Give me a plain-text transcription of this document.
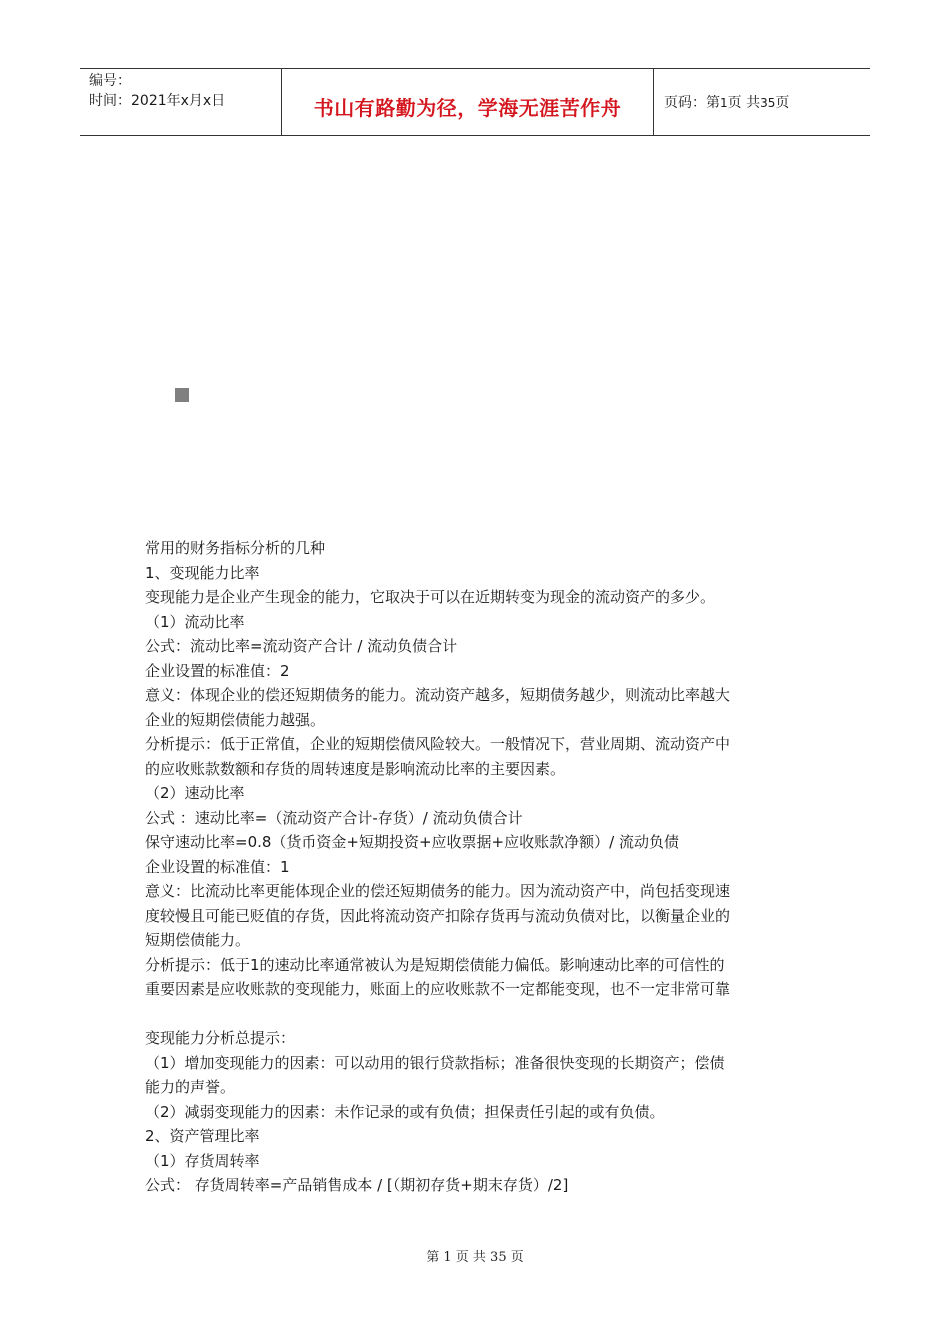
编号：
时间：2021年x月x日	书山有路勤为径，学海无涯苦作舟	页码：第1页 共35页

常用的财务指标分析的几种

1、变现能力比率

变现能力是企业产生现金的能力，它取决于可以在近期转变为现金的流动资产的多少。

（1）流动比率

公式：流动比率=流动资产合计 / 流动负债合计

企业设置的标准值：2

意义：体现企业的偿还短期债务的能力。流动资产越多，短期债务越少，则流动比率越大

企业的短期偿债能力越强。

分析提示：低于正常值，企业的短期偿债风险较大。一般情况下，营业周期、流动资产中

的应收账款数额和存货的周转速度是影响流动比率的主要因素。

（2）速动比率

公式 ：速动比率=（流动资产合计-存货）/ 流动负债合计

保守速动比率=0.8（货币资金+短期投资+应收票据+应收账款净额）/ 流动负债

企业设置的标准值：1

意义：比流动比率更能体现企业的偿还短期债务的能力。因为流动资产中，尚包括变现速

度较慢且可能已贬值的存货，因此将流动资产扣除存货再与流动负债对比，以衡量企业的

短期偿债能力。

分析提示：低于1的速动比率通常被认为是短期偿债能力偏低。影响速动比率的可信性的

重要因素是应收账款的变现能力，账面上的应收账款不一定都能变现，也不一定非常可靠

变现能力分析总提示：

（1）增加变现能力的因素：可以动用的银行贷款指标；准备很快变现的长期资产；偿债

能力的声誉。

（2）减弱变现能力的因素：未作记录的或有负债；担保责任引起的或有负债。

2、资产管理比率

（1）存货周转率

公式： 存货周转率=产品销售成本 / [（期初存货+期末存货）/2]

第 1 页 共 35 页
